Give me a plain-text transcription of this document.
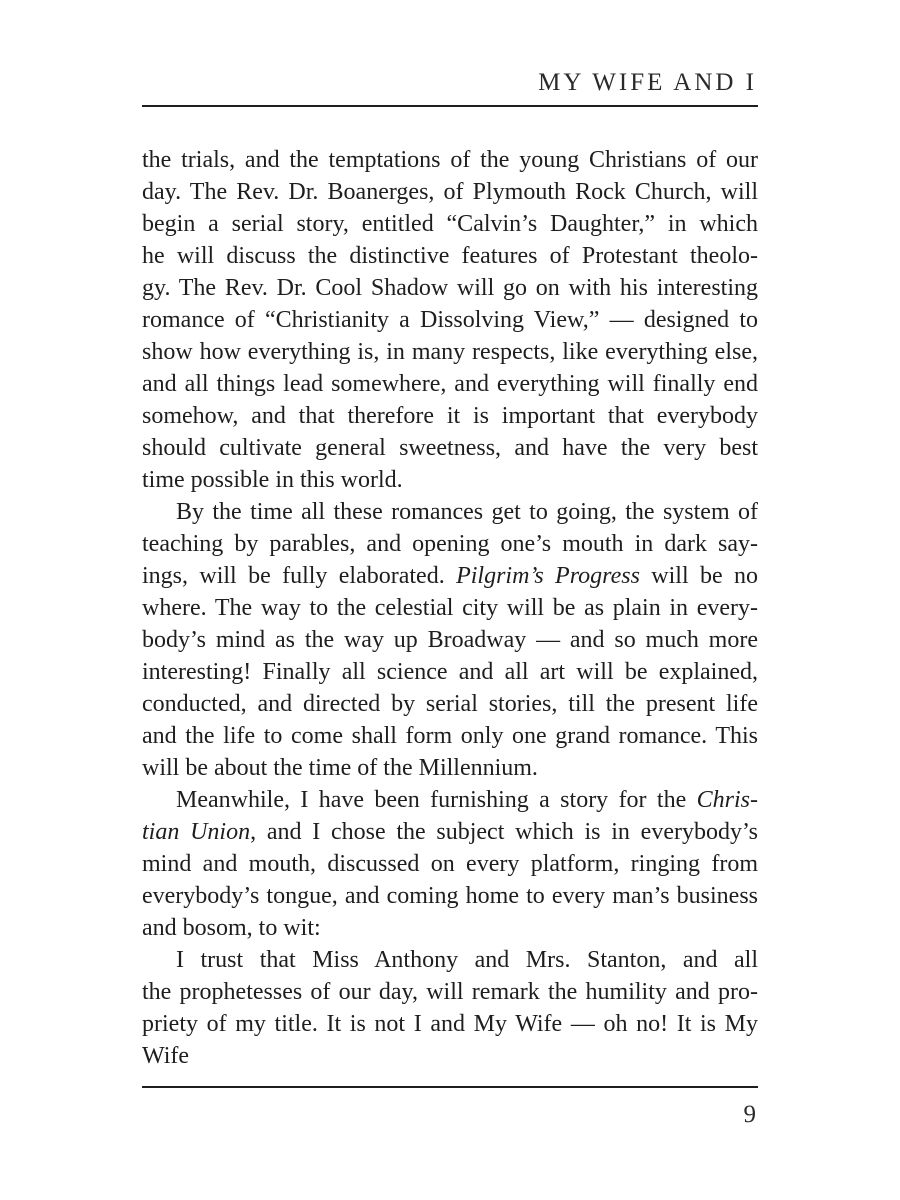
MY WIFE AND I

the trials, and the temptations of the young Christians of our

day. The Rev. Dr. Boanerges, of Plymouth Rock Church, will

begin a serial story, entitled “Calvin’s Daughter,” in which

he will discuss the distinctive features of Protestant theolo-

gy. The Rev. Dr. Cool Shadow will go on with his interesting

romance of “Christianity a Dissolving View,” — designed to

show how everything is, in many respects, like everything else,

and all things lead somewhere, and everything will finally end

somehow, and that therefore it is important that everybody

should cultivate general sweetness, and have the very best

time possible in this world.

By the time all these romances get to going, the system of

teaching by parables, and opening one’s mouth in dark say-

ings, will be fully elaborated. Pilgrim’s Progress will be no

where. The way to the celestial city will be as plain in every-

body’s mind as the way up Broadway — and so much more

interesting! Finally all science and all art will be explained,

conducted, and directed by serial stories, till the present life

and the life to come shall form only one grand romance. This

will be about the time of the Millennium.

Meanwhile, I have been furnishing a story for the Chris-

tian Union, and I chose the subject which is in everybody’s

mind and mouth, discussed on every platform, ringing from

everybody’s tongue, and coming home to every man’s business

and bosom, to wit:

I trust that Miss Anthony and Mrs. Stanton, and all

the prophetesses of our day, will remark the humility and pro-

priety of my title. It is not I and My Wife — oh no! It is My Wife

9
